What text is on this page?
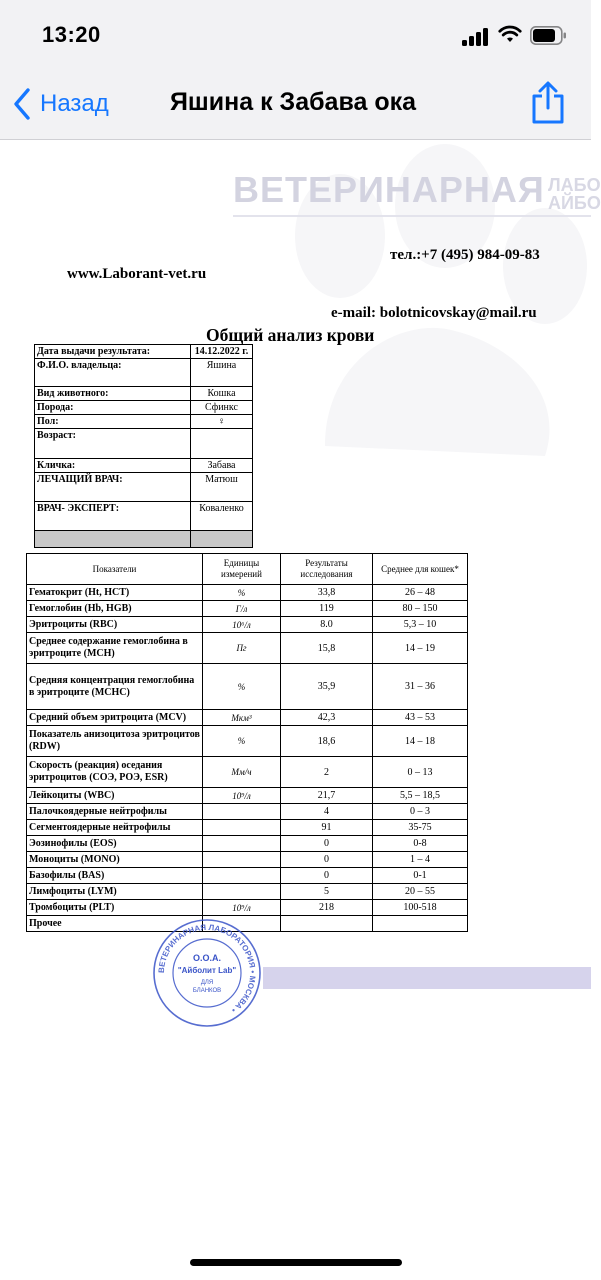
13:20
Назад	Яшина к Забава ока
ВЕТЕРИНАРНАЯ ЛАБО
АЙБО
тел.:+7 (495) 984-09-83
www.Laborant-vet.ru
e-mail: bolotnicovskay@mail.ru
Общий анализ крови
Дата выдачи результата:	14.12.2022 г.
Ф.И.О. владельца:	Яшина
Вид животного:	Кошка
Порода:	Сфинкс
Пол:	♀
Возраст:	
Кличка:	Забава
ЛЕЧАЩИЙ ВРАЧ:	Матюш
ВРАЧ- ЭКСПЕРТ:	Коваленко

Показатели	Единицы измерений	Результаты исследования	Среднее для кошек*
Гематокрит (Ht, HCT)	%	33,8	26 – 48
Гемоглобин (Hb, HGB)	Г/л	119	80 – 150
Эритроциты (RBC)	10⁶/л	8.0	5,3 – 10
Среднее содержание гемоглобина в эритроците (MCH)	Пг	15,8	14 – 19
Средняя концентрация гемоглобина в эритроците (MCHC)	%	35,9	31 – 36
Средний объем эритроцита (MCV)	Мкм³	42,3	43 – 53
Показатель анизоцитоза эритроцитов (RDW)	%	18,6	14 – 18
Скорость (реакция) оседания эритроцитов (СОЭ, РОЭ, ESR)	Мм/ч	2	0 – 13
Лейкоциты (WBC)	10⁹/л	21,7	5,5 – 18,5
Палочкоядерные нейтрофилы		4	0 – 3
Сегментоядерные нейтрофилы		91	35-75
Эозинофилы (EOS)		0	0-8
Моноциты (MONO)		0	1 – 4
Базофилы (BAS)		0	0-1
Лимфоциты (LYM)		5	20 – 55
Тромбоциты (PLT)	10⁹/л	218	100-518
Прочее			
ВЕТЕРИНАРНАЯ ЛАБОРАТОРИЯ • МОСКВА •
О.О.А.
"Айболит Lab"
ДЛЯ
БЛАНКОВ
